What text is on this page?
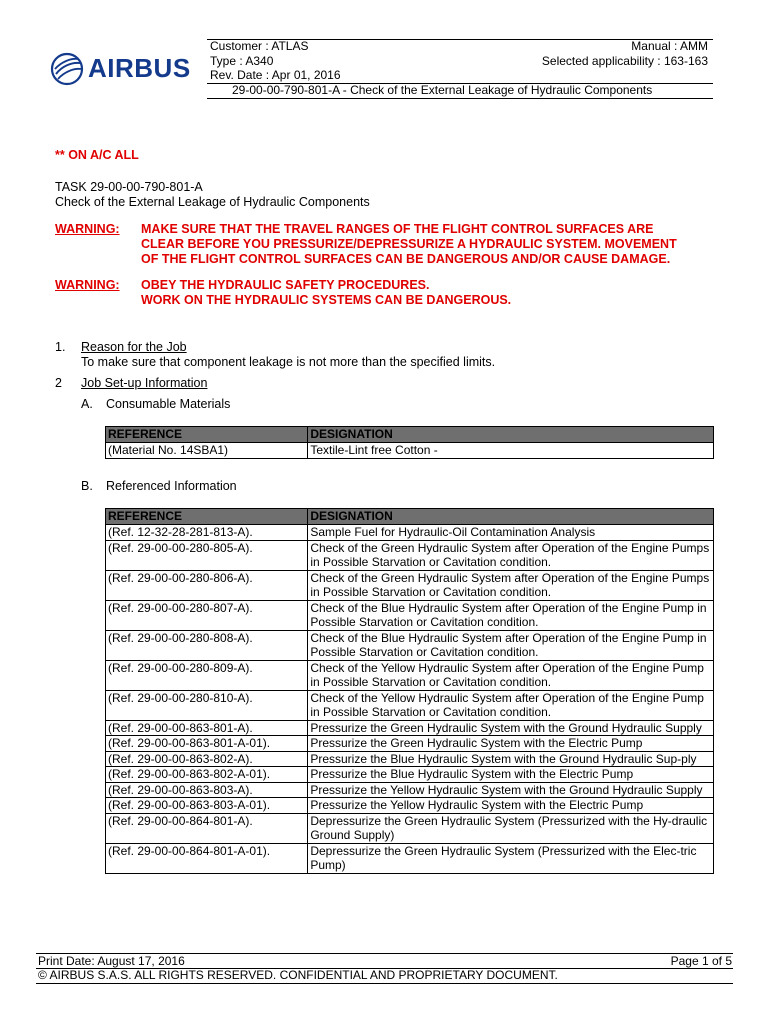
AIRBUS
Customer : ATLAS
Type : A340
Rev. Date : Apr 01, 2016
Manual : AMM
Selected applicability : 163-163
29-00-00-790-801-A - Check of the External Leakage of Hydraulic Components
** ON A/C ALL
TASK 29-00-00-790-801-A
Check of the External Leakage of Hydraulic Components
WARNING: MAKE SURE THAT THE TRAVEL RANGES OF THE FLIGHT CONTROL SURFACES ARE
CLEAR BEFORE YOU PRESSURIZE/DEPRESSURIZE A HYDRAULIC SYSTEM. MOVEMENT
OF THE FLIGHT CONTROL SURFACES CAN BE DANGEROUS AND/OR CAUSE DAMAGE.
WARNING: OBEY THE HYDRAULIC SAFETY PROCEDURES.
WORK ON THE HYDRAULIC SYSTEMS CAN BE DANGEROUS.
1. Reason for the Job
To make sure that component leakage is not more than the specified limits.
2 Job Set-up Information
A. Consumable Materials
REFERENCE	DESIGNATION
(Material No. 14SBA1)	Textile-Lint free Cotton -
B. Referenced Information
REFERENCE	DESIGNATION
(Ref. 12-32-28-281-813-A).	Sample Fuel for Hydraulic-Oil Contamination Analysis
(Ref. 29-00-00-280-805-A).	Check of the Green Hydraulic System after Operation of the Engine Pumps in Possible Starvation or Cavitation condition.
(Ref. 29-00-00-280-806-A).	Check of the Green Hydraulic System after Operation of the Engine Pumps in Possible Starvation or Cavitation condition.
(Ref. 29-00-00-280-807-A).	Check of the Blue Hydraulic System after Operation of the Engine Pump in Possible Starvation or Cavitation condition.
(Ref. 29-00-00-280-808-A).	Check of the Blue Hydraulic System after Operation of the Engine Pump in Possible Starvation or Cavitation condition.
(Ref. 29-00-00-280-809-A).	Check of the Yellow Hydraulic System after Operation of the Engine Pump in Possible Starvation or Cavitation condition.
(Ref. 29-00-00-280-810-A).	Check of the Yellow Hydraulic System after Operation of the Engine Pump in Possible Starvation or Cavitation condition.
(Ref. 29-00-00-863-801-A).	Pressurize the Green Hydraulic System with the Ground Hydraulic Supply
(Ref. 29-00-00-863-801-A-01).	Pressurize the Green Hydraulic System with the Electric Pump
(Ref. 29-00-00-863-802-A).	Pressurize the Blue Hydraulic System with the Ground Hydraulic Sup-ply
(Ref. 29-00-00-863-802-A-01).	Pressurize the Blue Hydraulic System with the Electric Pump
(Ref. 29-00-00-863-803-A).	Pressurize the Yellow Hydraulic System with the Ground Hydraulic Supply
(Ref. 29-00-00-863-803-A-01).	Pressurize the Yellow Hydraulic System with the Electric Pump
(Ref. 29-00-00-864-801-A).	Depressurize the Green Hydraulic System (Pressurized with the Hy-draulic Ground Supply)
(Ref. 29-00-00-864-801-A-01).	Depressurize the Green Hydraulic System (Pressurized with the Elec-tric Pump)
Print Date: August 17, 2016	Page 1 of 5
© AIRBUS S.A.S. ALL RIGHTS RESERVED. CONFIDENTIAL AND PROPRIETARY DOCUMENT.
